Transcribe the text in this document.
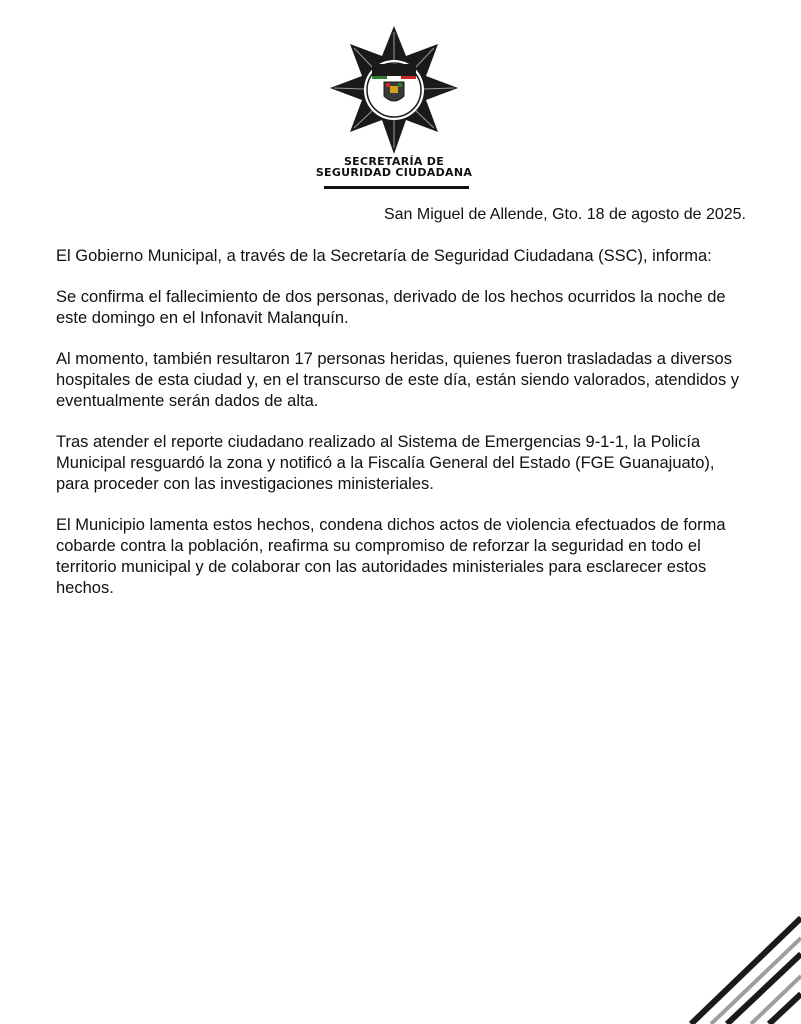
SECRETARÍA DE
SEGURIDAD CIUDADANA
San Miguel de Allende, Gto. 18 de agosto de 2025.

El Gobierno Municipal, a través de la Secretaría de Seguridad Ciudadana (SSC), informa:

Se confirma el fallecimiento de dos personas, derivado de los hechos ocurridos la noche de este domingo en el Infonavit Malanquín.

Al momento, también resultaron 17 personas heridas, quienes fueron trasladadas a diversos hospitales de esta ciudad y, en el transcurso de este día, están siendo valorados, atendidos y eventualmente serán dados de alta.

Tras atender el reporte ciudadano realizado al Sistema de Emergencias 9-1-1, la Policía Municipal resguardó la zona y notificó a la Fiscalía General del Estado (FGE Guanajuato), para proceder con las investigaciones ministeriales.

El Municipio lamenta estos hechos, condena dichos actos de violencia efectuados de forma cobarde contra la población, reafirma su compromiso de reforzar la seguridad en todo el territorio municipal y de colaborar con las autoridades ministeriales para esclarecer estos hechos.
